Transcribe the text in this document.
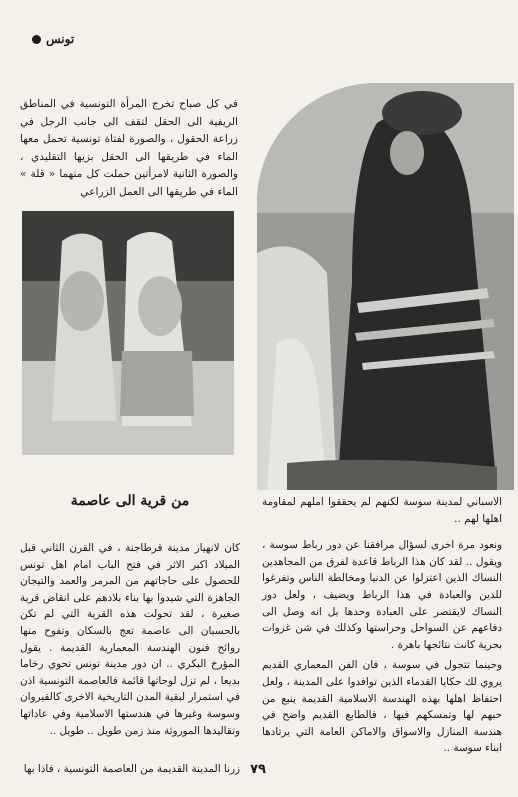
تونس
في كل صباح تخرج المرأة التونسية في المناطق الريفية الى الحقل لتقف الى جانب الرجل في زراعة الحقول ، والصورة لفتاة تونسية تحمل معها الماء في طريقها الى الحقل بزيها التقليدي ، والصورة الثانية لامرأتين حملت كل منهما « قلة » الماء في طريقها الى العمل الزراعي
من قرية الى عاصمة	الاسباني لمدينة سوسة لكنهم لم يحققوا املهم لمقاومة اهلها لهم ..

ونعود مرة اخرى لسؤال مرافقنا عن دور رباط سوسة ، ويقول .. لقد كان هذا الرباط قاعدة لفرق من المجاهدين النساك الذين اعتزلوا عن الدنيا ومخالطة الناس وتفرغوا للدين والعبادة في هذا الرباط ويضيف ، ولعل دور النساك لايقتصر على العبادة وحدها بل انه وصل الى دفاعهم عن السواحل وحراستها وكذلك في شن غزوات بحرية كانت نتائجها باهرة .

وحينما تتجول في سوسة ، فان الفن المعماري القديم يروي لك حكايا القدماء الذين توافدوا على المدينة ، ولعل احتفاظ اهلها بهذه الهندسة الاسلامية القديمة ينبع من حبهم لها وتمسكهم فيها ، فالطابع القديم واضح في هندسة المنازل والاسواق والاماكن العامة التي يرتادها ابناء سوسة ..

كان لانهيار مدينة قرطاجنة ، في القرن الثاني قبل الميلاد اكبر الاثر في فتح الباب امام اهل تونس للحصول على حاجاتهم من المرمر والعمد والتيجان الجاهزة التي شيدوا بها بناء بلادهم على انقاض قرية صغيرة ، لقد تحولت هذه القرية التي لم تكن بالحسبان الى عاصمة تعج بالسكان وتفوح منها روائح فنون الهندسة المعمارية القديمة . يقول المؤرخ البكري .. ان دور مدينة تونس تحوي رخاما بديعا ، لم تزل لوحاتها قائمة فالعاصمة التونسية اذن في استمرار لبقية المدن التاريخية الاخرى كالقيروان وسوسة وغيرها في هندستها الاسلامية وفي عاداتها وتقاليدها الموروثة منذ زمن طويل .. طويل ..

زرنا المدينة القديمة من العاصمة التونسية ، فاذا بها ٧٩
